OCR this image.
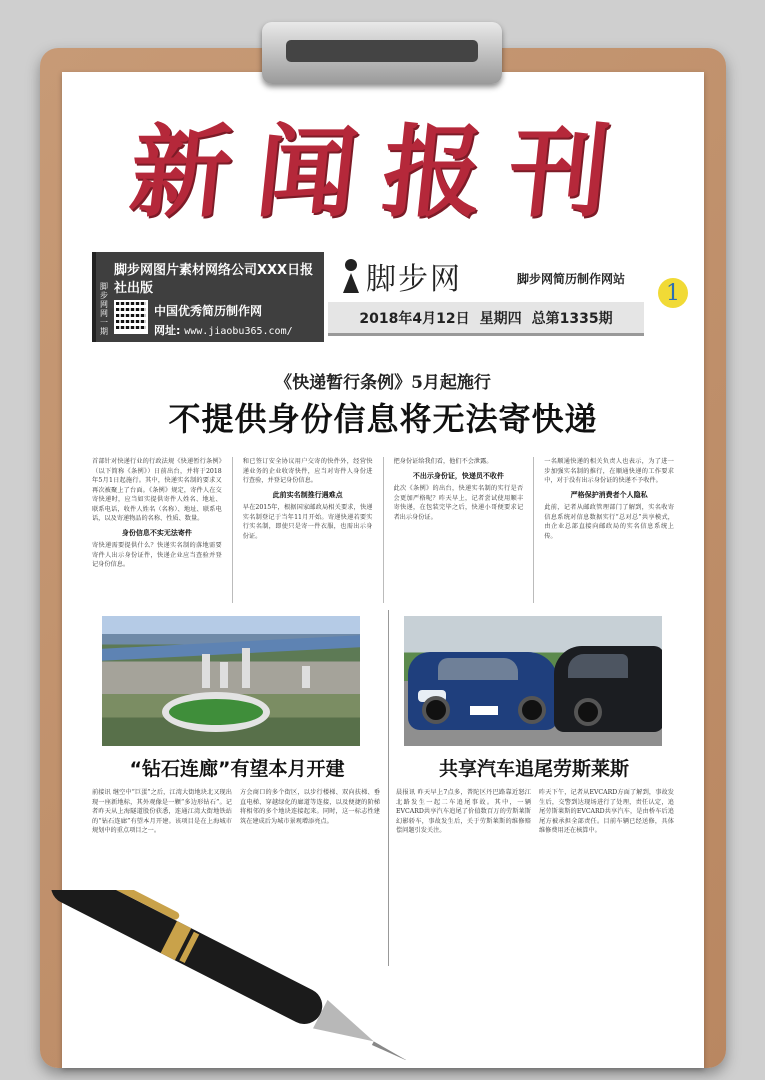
新闻报刊
脚步网网一期
脚步网图片素材网络公司XXX日报社出版
中国优秀简历制作网
网址: www.jiaobu365.com/
脚步网	脚步网简历制作网站
2018年4月12日 星期四 总第1335期
1
《快递暂行条例》5月起施行
不提供身份信息将无法寄快递
首部针对快递行业的行政法规《快递暂行条例》（以下简称《条例》）日前出台，并将于2018年5月1日起施行。其中，快递实名制的要求又再次被聚上了台面。《条例》规定，寄件人在交寄快递时，应当如实提供寄件人姓名、地址、联系电话，收件人姓名（名称）、地址、联系电话，以及寄递物品的名称、性质、数量。
身份信息不实无法寄件
寄快递需要提供什么？快递实名制的落地需要寄件人出示身份证件，快递企业应当查验并登记身份信息。
和已签订安全协议用户交寄的快件外，经营快递业务的企业收寄快件，应当对寄件人身份进行查验，并登记身份信息。
此前实名制推行遇难点
早在2015年，根据国家邮政局相关要求，快递实名制登记于当年11月开始。寄递快递若要实行实名制，即使只是寄一件衣服，也需出示身份证。
把身份证给我们看，他们不会泄露。
不出示身份证，快递员不收件
此次《条例》的出台，快递实名制的实行是否会更加严格呢？昨天早上，记者尝试使用顺丰寄快递，在包装完毕之后，快递小哥便要求记者出示身份证。
一名顺通快递的相关负责人也表示，为了进一步加强实名制的推行，在顺通快递的工作要求中，对于没有出示身份证的快递不予收件。
严格保护消费者个人隐私
此前，记者从邮政管理部门了解到，实名收寄信息系统对信息数据实行“总对总”共享模式，由企业总部直接向邮政局的实名信息系统上传。
“钻石连廊”有望本月开建	共享汽车追尾劳斯莱斯
前接讯 继空中“巨蛋”之后，江湾大街地块北又现出现一座新地标，其外观像是一颗“多边形钻石”。记者昨天从上海隧道股份获悉，连通江湾大街地铁站的“钻石连廊”有望本月开建。该项目是在上海城市规划中的重点项目之一。
方会商口的多个街区，以步行楼梯、双向扶梯、垂直电梯、穿越绿化的廊道等连接，以及便捷的阶梯将相邻的多个地块连接起来。同时，这一标志性建筑在建成后为城市景观增添亮点。
晨报讯 昨天早上7点多，普陀区丹巴路靠近怒江北路发生一起二车追尾事故。其中，一辆EVCARD共享汽车追尾了价值数百万的劳斯莱斯幻影轿车，事故发生后，关于劳斯莱斯的维修赔偿问题引发关注。
昨天下午，记者从EVCARD方面了解到，事故发生后，交警到达现场进行了处理，责任认定，追尾劳斯莱斯的EVCARD共享汽车，是由桥车后追尾方被承担全部责任。目前车辆已经送修，具体维修费用还在核算中。
